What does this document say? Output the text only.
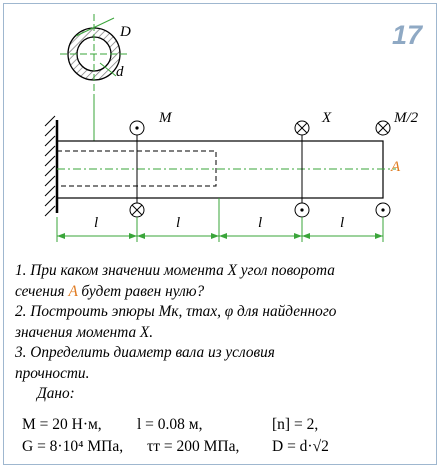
17
D
d
M	X	M/2
A
l	l	l	l

1. При каком значении момента X угол поворота

сечения A будет равен нулю?

2. Построить эпюры Mк, τmax, φ для найденного

значения момента X.

3. Определить диаметр вала из условия

прочности.

Дано:

M = 20 Н·м,	l = 0.08 м,	[n] = 2,
G = 8·10⁴ МПа,	τт = 200 МПа,	D = d·√2
